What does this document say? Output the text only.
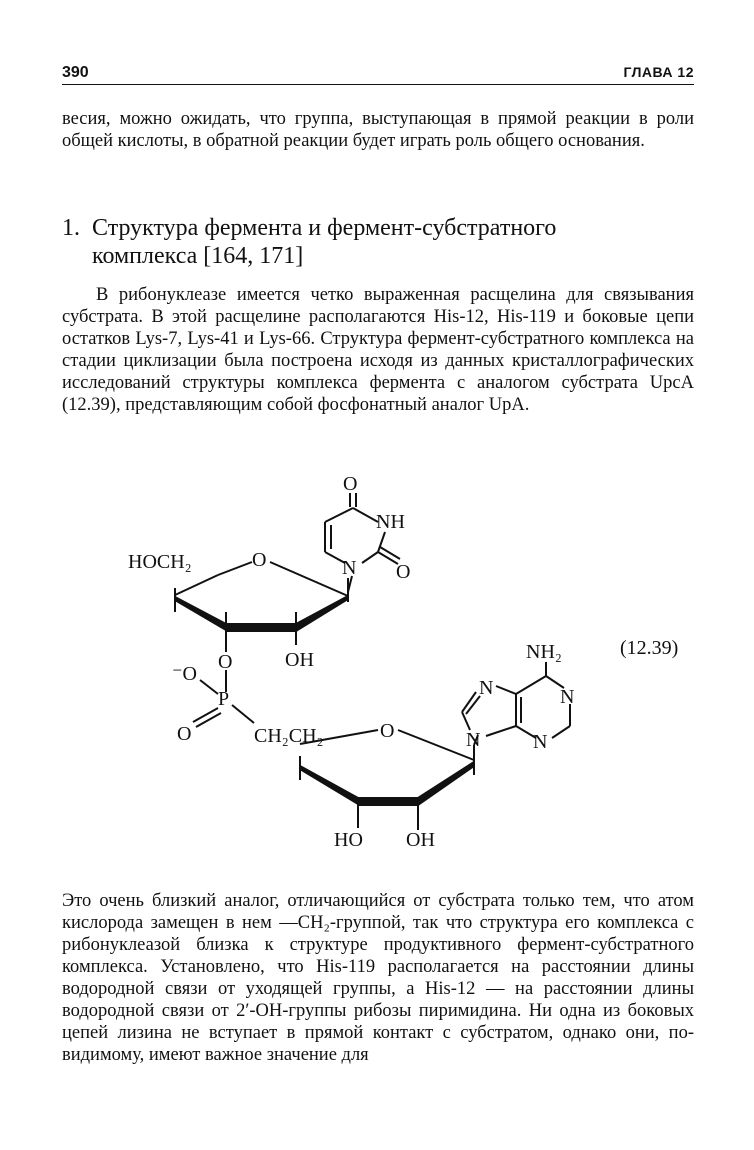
390	ГЛАВА 12

весия, можно ожидать, что группа, выступающая в прямой реакции в роли общей кислоты, в обратной реакции будет играть роль общего основания.

1. Структура фермента и фермент-субстратного
комплекса [164, 171]

В рибонуклеазе имеется четко выраженная расщелина для связывания субстрата. В этой расщелине располагаются His-12, His-119 и боковые цепи остатков Lys-7, Lys-41 и Lys-66. Структура фермент-субстратного комплекса на стадии циклизации была построена исходя из данных кристаллографических исследований структуры комплекса фермента с аналогом субстрата UpcA (12.39), представляющим собой фосфонатный аналог UpA.

O
NH
N O
HOCH₂	O
O	OH
⁻O
P
O	CH₂CH₂	O
NH₂
N	N
N	N
HO OH
(12.39)

Это очень близкий аналог, отличающийся от субстрата только тем, что атом кислорода замещен в нем —CH₂-группой, так что структура его комплекса с рибонуклеазой близка к структуре продуктивного фермент-субстратного комплекса. Установлено, что His-119 располагается на расстоянии длины водородной связи от уходящей группы, а His-12 — на расстоянии длины водородной связи от 2′-OH-группы рибозы пиримидина. Ни одна из боковых цепей лизина не вступает в прямой контакт с субстратом, однако они, по-видимому, имеют важное значение для
